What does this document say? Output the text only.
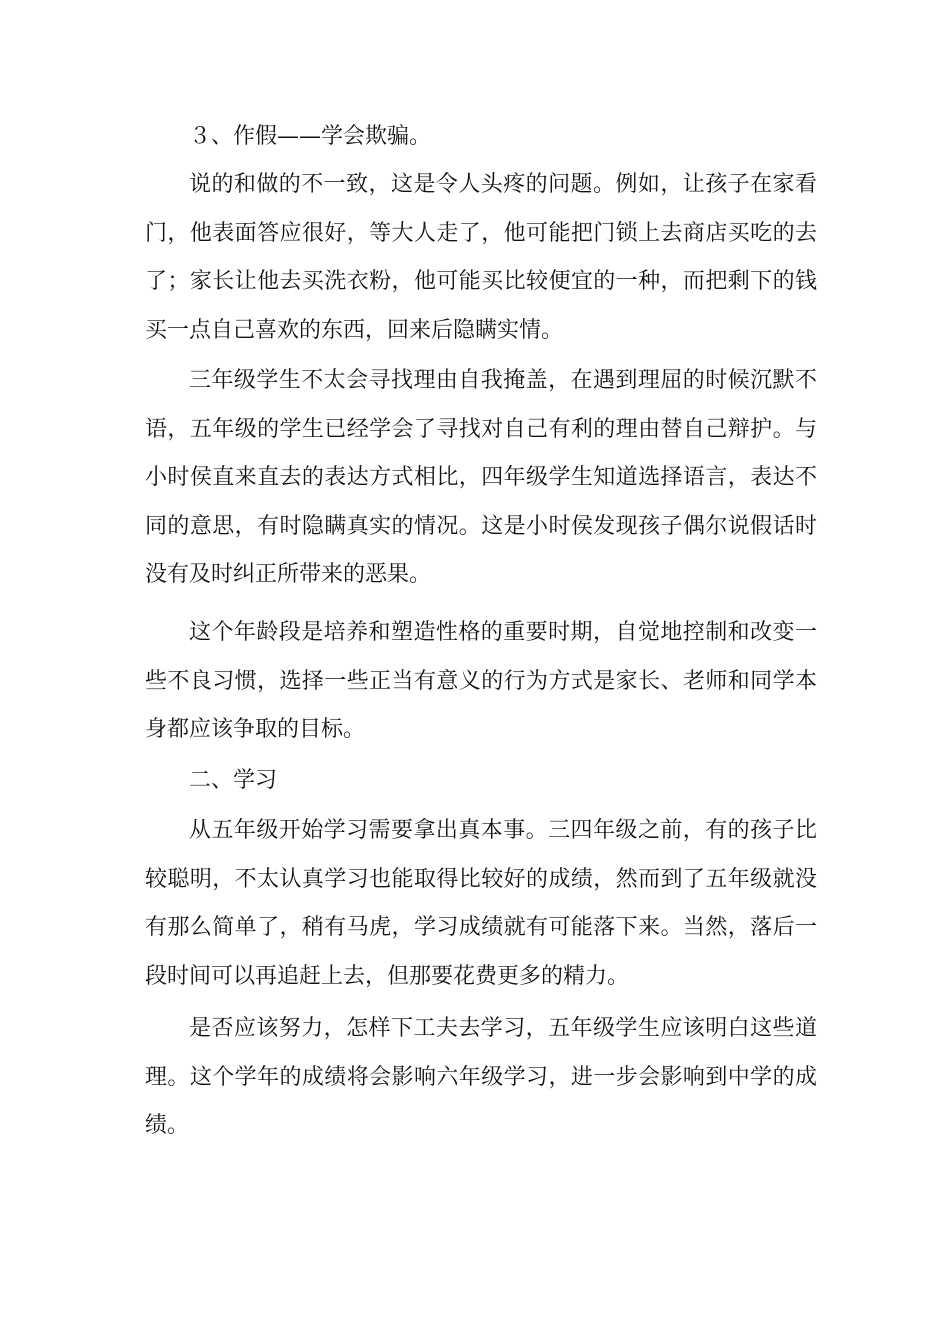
３、作假——学会欺骗。

说的和做的不一致，这是令人头疼的问题。例如，让孩子在家看门，他表面答应很好，等大人走了，他可能把门锁上去商店买吃的去了；家长让他去买洗衣粉，他可能买比较便宜的一种，而把剩下的钱买一点自己喜欢的东西，回来后隐瞒实情。

三年级学生不太会寻找理由自我掩盖，在遇到理屈的时候沉默不语，五年级的学生已经学会了寻找对自己有利的理由替自己辩护。与小时侯直来直去的表达方式相比，四年级学生知道选择语言，表达不同的意思，有时隐瞒真实的情况。这是小时侯发现孩子偶尔说假话时没有及时纠正所带来的恶果。

这个年龄段是培养和塑造性格的重要时期，自觉地控制和改变一些不良习惯，选择一些正当有意义的行为方式是家长、老师和同学本身都应该争取的目标。

二、学习

从五年级开始学习需要拿出真本事。三四年级之前，有的孩子比较聪明，不太认真学习也能取得比较好的成绩，然而到了五年级就没有那么简单了，稍有马虎，学习成绩就有可能落下来。当然，落后一段时间可以再追赶上去，但那要花费更多的精力。

是否应该努力，怎样下工夫去学习，五年级学生应该明白这些道理。这个学年的成绩将会影响六年级学习，进一步会影响到中学的成绩。
